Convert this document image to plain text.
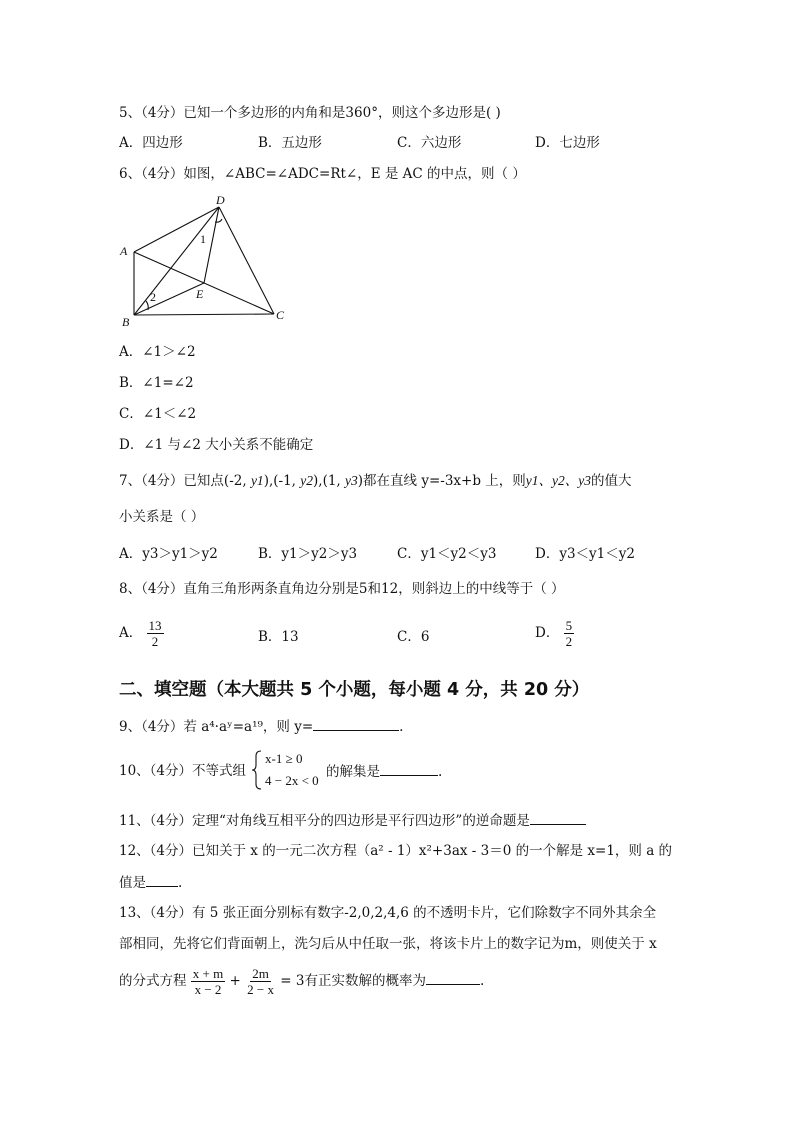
5、（4分）已知一个多边形的内角和是360°，则这个多边形是( )
A．四边形	B．五边形	C．六边形	D．七边形
6、（4分）如图，∠ABC=∠ADC=Rt∠，E 是 AC 的中点，则（ ）
D
A
B	C
E
1
2
A．∠1＞∠2
B．∠1=∠2
C．∠1＜∠2
D．∠1 与∠2 大小关系不能确定
7、（4分）已知点(-2, y1),(-1, y2),(1, y3)都在直线 y=-3x+b 上，则y1、y2、y3的值大
小关系是（ ）
A．y3＞y1＞y2	B．y1＞y2＞y3	C．y1＜y2＜y3	D．y3＜y1＜y2
8、（4分）直角三角形两条直角边分别是5和12，则斜边上的中线等于（ ）
A． $\frac{13}{2}$	B．13	C．6	D． $\frac{5}{2}$
二、填空题（本大题共 5 个小题，每小题 4 分，共 20 分）
9、（4分）若 a⁴·aʸ=a¹⁹，则 y=	.
10、（4分）不等式组
x-1 ≥ 0
4 − 2x < 0
的解集是	.
11、（4分）定理“对角线互相平分的四边形是平行四边形”的逆命题是
12、（4分）已知关于 x 的一元二次方程（a² - 1）x²+3ax - 3＝0 的一个解是 x=1，则 a 的
值是 .
13、（4分）有 5 张正面分别标有数字-2,0,2,4,6 的不透明卡片，它们除数字不同外其余全
部相同，先将它们背面朝上，洗匀后从中任取一张，将该卡片上的数字记为m，则使关于 x
的分式方程 $\frac{x + m}{x - 2} + \frac{2m}{2 - x} = 3$有正实数解的概率为	.
